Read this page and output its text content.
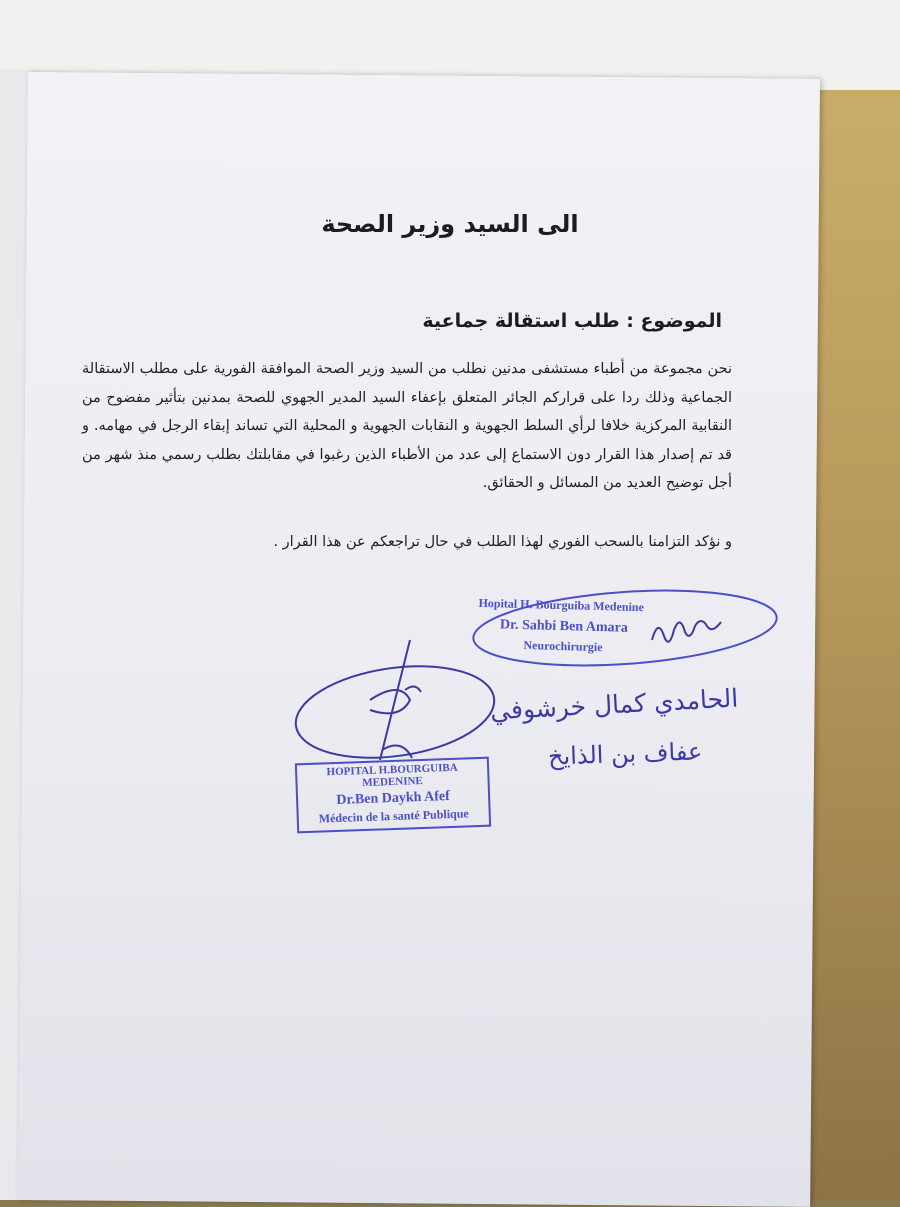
الى السيد وزير الصحة
الموضوع : طلب استقالة جماعية
نحن مجموعة من أطباء مستشفى مدنين نطلب من السيد وزير الصحة الموافقة الفورية على مطلب الاستقالة الجماعية وذلك ردا على قراركم الجائر المتعلق بإعفاء السيد المدير الجهوي للصحة بمدنين بتأثير مفضوح من النقابية المركزية خلافا لرأي السلط الجهوية و النقابات الجهوية و المحلية التي تساند إبقاء الرجل في مهامه. و قد تم إصدار هذا القرار دون الاستماع إلى عدد من الأطباء الذين رغبوا في مقابلتك بطلب رسمي منذ شهر من أجل توضيح العديد من المسائل و الحقائق.
و نؤكد التزامنا بالسحب الفوري لهذا الطلب في حال تراجعكم عن هذا القرار .
Hopital H. Bourguiba Medenine
Dr. Sahbi Ben Amara
Neurochirurgie
HOPITAL H.BOURGUIBA MEDENINE
Dr.Ben Daykh Afef
Médecin de la santé Publique
الحامدي كمال خرشوفي
عفاف بن الذايخ
